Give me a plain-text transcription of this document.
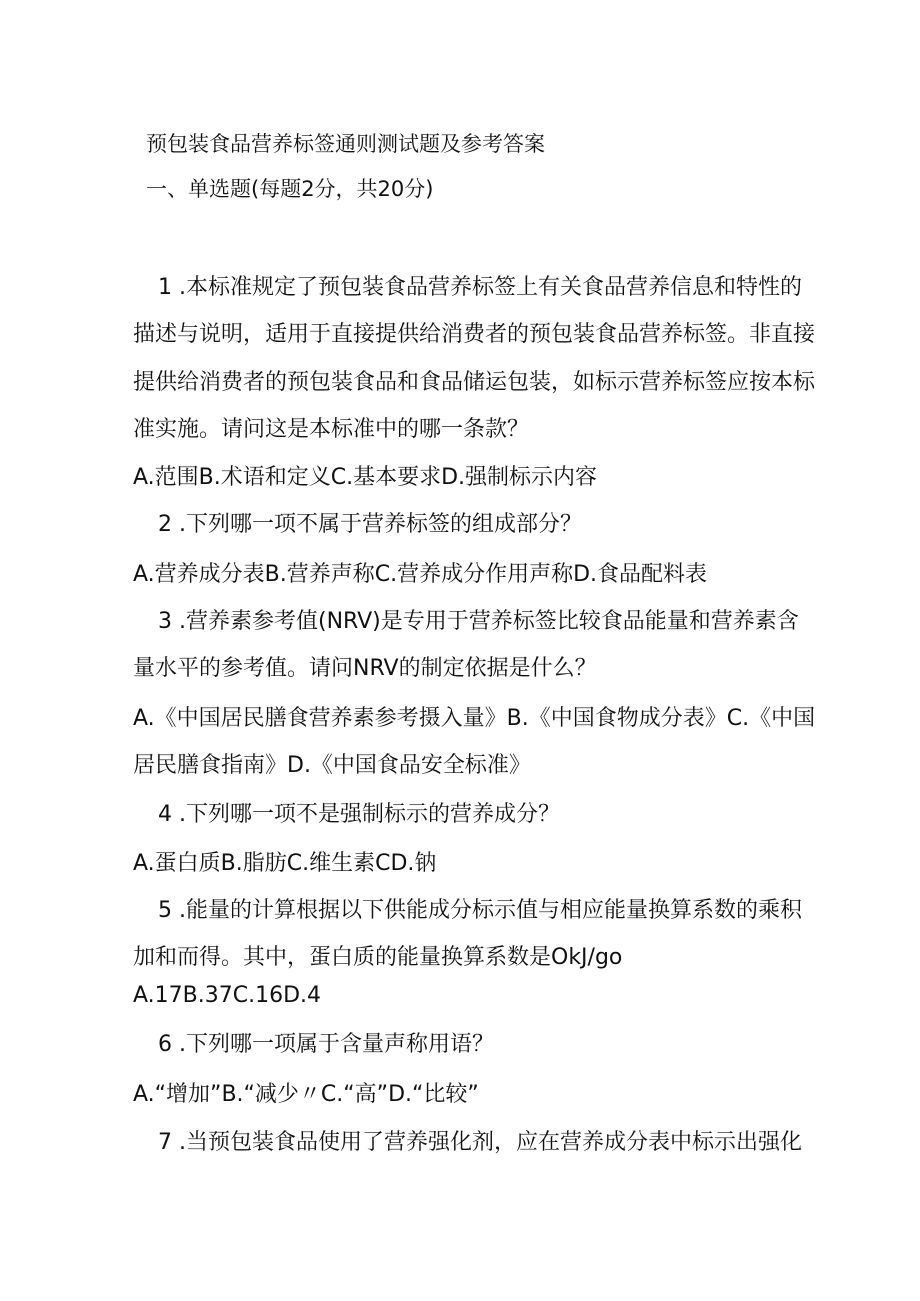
预包装食品营养标签通则测试题及参考答案
一、单选题(每题2分，共20分)

1 .本标准规定了预包装食品营养标签上有关食品营养信息和特性的

描述与说明，适用于直接提供给消费者的预包装食品营养标签。非直接

提供给消费者的预包装食品和食品储运包装，如标示营养标签应按本标

准实施。请问这是本标准中的哪一条款？

A.范围B.术语和定义C.基本要求D.强制标示内容

2 .下列哪一项不属于营养标签的组成部分？

A.营养成分表B.营养声称C.营养成分作用声称D.食品配料表

3 .营养素参考值(NRV)是专用于营养标签比较食品能量和营养素含

量水平的参考值。请问NRV的制定依据是什么？

A.《中国居民膳食营养素参考摄入量》B.《中国食物成分表》C.《中国

居民膳食指南》D.《中国食品安全标准》

4 .下列哪一项不是强制标示的营养成分？

A.蛋白质B.脂肪C.维生素CD.钠

5 .能量的计算根据以下供能成分标示值与相应能量换算系数的乘积

加和而得。其中，蛋白质的能量换算系数是OkJ/go

A.17B.37C.16D.4

6 .下列哪一项属于含量声称用语？

A.“增加”B.“减少〃C.“高”D.“比较”

7 .当预包装食品使用了营养强化剂，应在营养成分表中标示出强化
